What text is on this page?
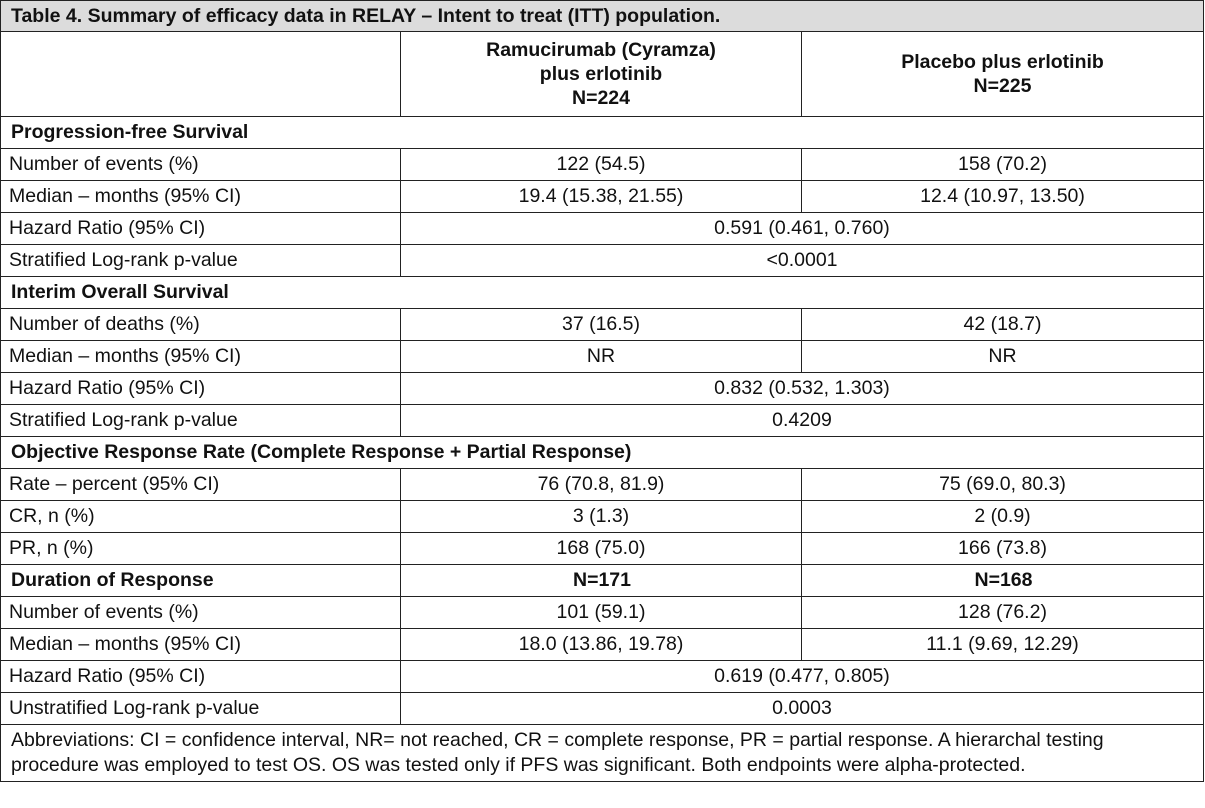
Table 4. Summary of efficacy data in RELAY – Intent to treat (ITT) population.		

	Ramucirumab (Cyramza)
plus erlotinib
N=224	Placebo plus erlotinib
N=225

Progression-free Survival		
Number of events (%)	122 (54.5)	158 (70.2)
Median – months (95% CI)	19.4 (15.38, 21.55)	12.4 (10.97, 13.50)
Hazard Ratio (95% CI)	0.591 (0.461, 0.760)	
Stratified Log-rank p-value	<0.0001	
Interim Overall Survival		
Number of deaths (%)	37 (16.5)	42 (18.7)
Median – months (95% CI)	NR	NR
Hazard Ratio (95% CI)	0.832 (0.532, 1.303)	
Stratified Log-rank p-value	0.4209	
Objective Response Rate (Complete Response + Partial Response)		
Rate – percent (95% CI)	76 (70.8, 81.9)	75 (69.0, 80.3)
CR, n (%)	3 (1.3)	2 (0.9)
PR, n (%)	168 (75.0)	166 (73.8)
Duration of Response	N=171	N=168
Number of events (%)	101 (59.1)	128 (76.2)
Median – months (95% CI)	18.0 (13.86, 19.78)	11.1 (9.69, 12.29)
Hazard Ratio (95% CI)	0.619 (0.477, 0.805)	
Unstratified Log-rank p-value	0.0003	
Abbreviations: CI = confidence interval, NR= not reached, CR = complete response, PR = partial response. A hierarchal testing procedure was employed to test OS. OS was tested only if PFS was significant. Both endpoints were alpha-protected.		
